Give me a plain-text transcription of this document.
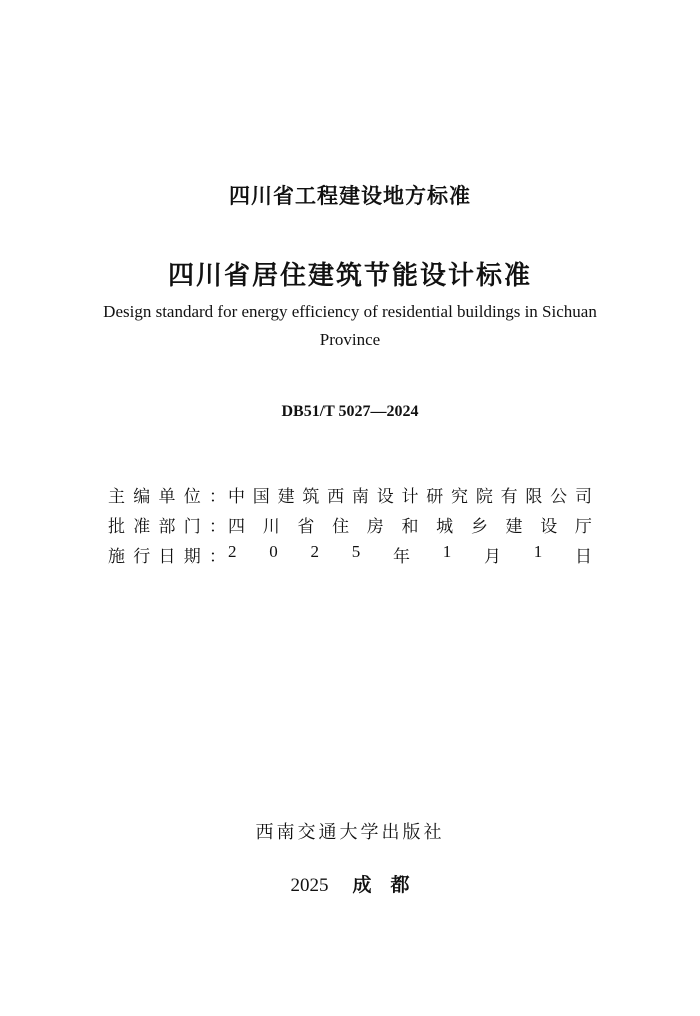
四川省工程建设地方标准
四川省居住建筑节能设计标准
Design standard for energy efficiency of residential buildings in Sichuan Province
DB51/T 5027—2024
主 编 单 位 ： 中 国 建 筑 西 南 设 计 研 究 院 有 限 公 司
批 准 部 门 ： 四 川 省 住 房 和 城 乡 建 设 厅
施 行 日 期 ： 2 0 2 5 年 1 月 1 日
西南交通大学出版社
2025 成　都
